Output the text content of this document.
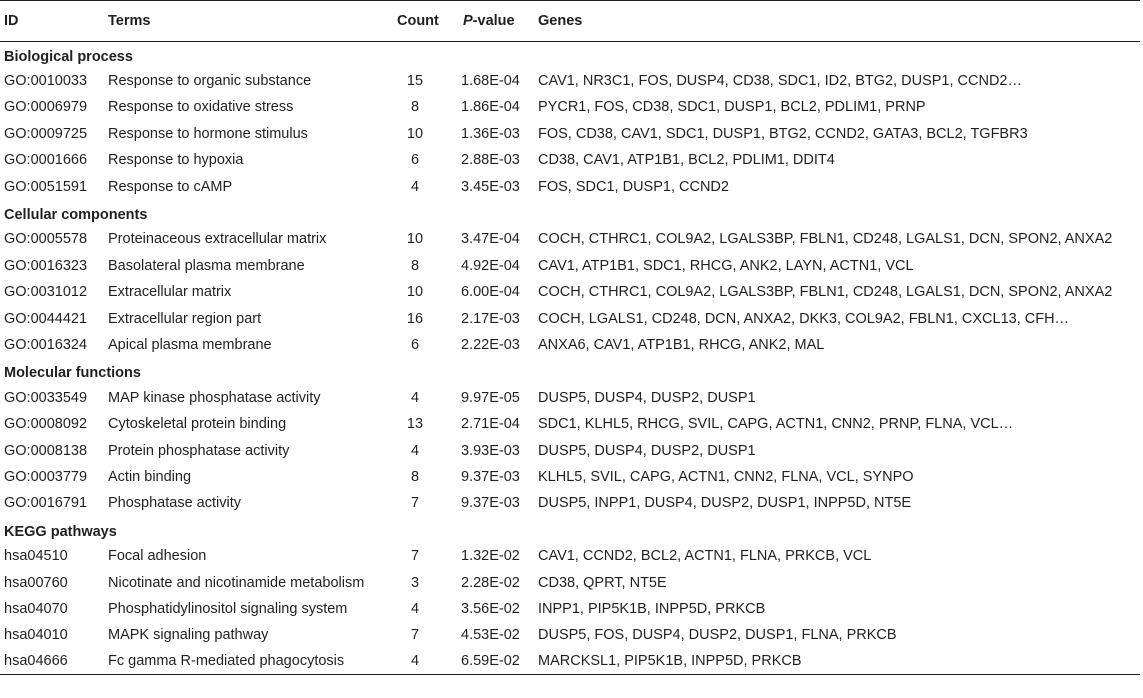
ID	Terms	Count	P-value	Genes
Biological process				
GO:0010033	Response to organic substance	15	1.68E-04	CAV1, NR3C1, FOS, DUSP4, CD38, SDC1, ID2, BTG2, DUSP1, CCND2…
GO:0006979	Response to oxidative stress	8	1.86E-04	PYCR1, FOS, CD38, SDC1, DUSP1, BCL2, PDLIM1, PRNP
GO:0009725	Response to hormone stimulus	10	1.36E-03	FOS, CD38, CAV1, SDC1, DUSP1, BTG2, CCND2, GATA3, BCL2, TGFBR3
GO:0001666	Response to hypoxia	6	2.88E-03	CD38, CAV1, ATP1B1, BCL2, PDLIM1, DDIT4
GO:0051591	Response to cAMP	4	3.45E-03	FOS, SDC1, DUSP1, CCND2
Cellular components				
GO:0005578	Proteinaceous extracellular matrix	10	3.47E-04	COCH, CTHRC1, COL9A2, LGALS3BP, FBLN1, CD248, LGALS1, DCN, SPON2, ANXA2
GO:0016323	Basolateral plasma membrane	8	4.92E-04	CAV1, ATP1B1, SDC1, RHCG, ANK2, LAYN, ACTN1, VCL
GO:0031012	Extracellular matrix	10	6.00E-04	COCH, CTHRC1, COL9A2, LGALS3BP, FBLN1, CD248, LGALS1, DCN, SPON2, ANXA2
GO:0044421	Extracellular region part	16	2.17E-03	COCH, LGALS1, CD248, DCN, ANXA2, DKK3, COL9A2, FBLN1, CXCL13, CFH…
GO:0016324	Apical plasma membrane	6	2.22E-03	ANXA6, CAV1, ATP1B1, RHCG, ANK2, MAL
Molecular functions				
GO:0033549	MAP kinase phosphatase activity	4	9.97E-05	DUSP5, DUSP4, DUSP2, DUSP1
GO:0008092	Cytoskeletal protein binding	13	2.71E-04	SDC1, KLHL5, RHCG, SVIL, CAPG, ACTN1, CNN2, PRNP, FLNA, VCL…
GO:0008138	Protein phosphatase activity	4	3.93E-03	DUSP5, DUSP4, DUSP2, DUSP1
GO:0003779	Actin binding	8	9.37E-03	KLHL5, SVIL, CAPG, ACTN1, CNN2, FLNA, VCL, SYNPO
GO:0016791	Phosphatase activity	7	9.37E-03	DUSP5, INPP1, DUSP4, DUSP2, DUSP1, INPP5D, NT5E
KEGG pathways				
hsa04510	Focal adhesion	7	1.32E-02	CAV1, CCND2, BCL2, ACTN1, FLNA, PRKCB, VCL
hsa00760	Nicotinate and nicotinamide metabolism	3	2.28E-02	CD38, QPRT, NT5E
hsa04070	Phosphatidylinositol signaling system	4	3.56E-02	INPP1, PIP5K1B, INPP5D, PRKCB
hsa04010	MAPK signaling pathway	7	4.53E-02	DUSP5, FOS, DUSP4, DUSP2, DUSP1, FLNA, PRKCB
hsa04666	Fc gamma R-mediated phagocytosis	4	6.59E-02	MARCKSL1, PIP5K1B, INPP5D, PRKCB
